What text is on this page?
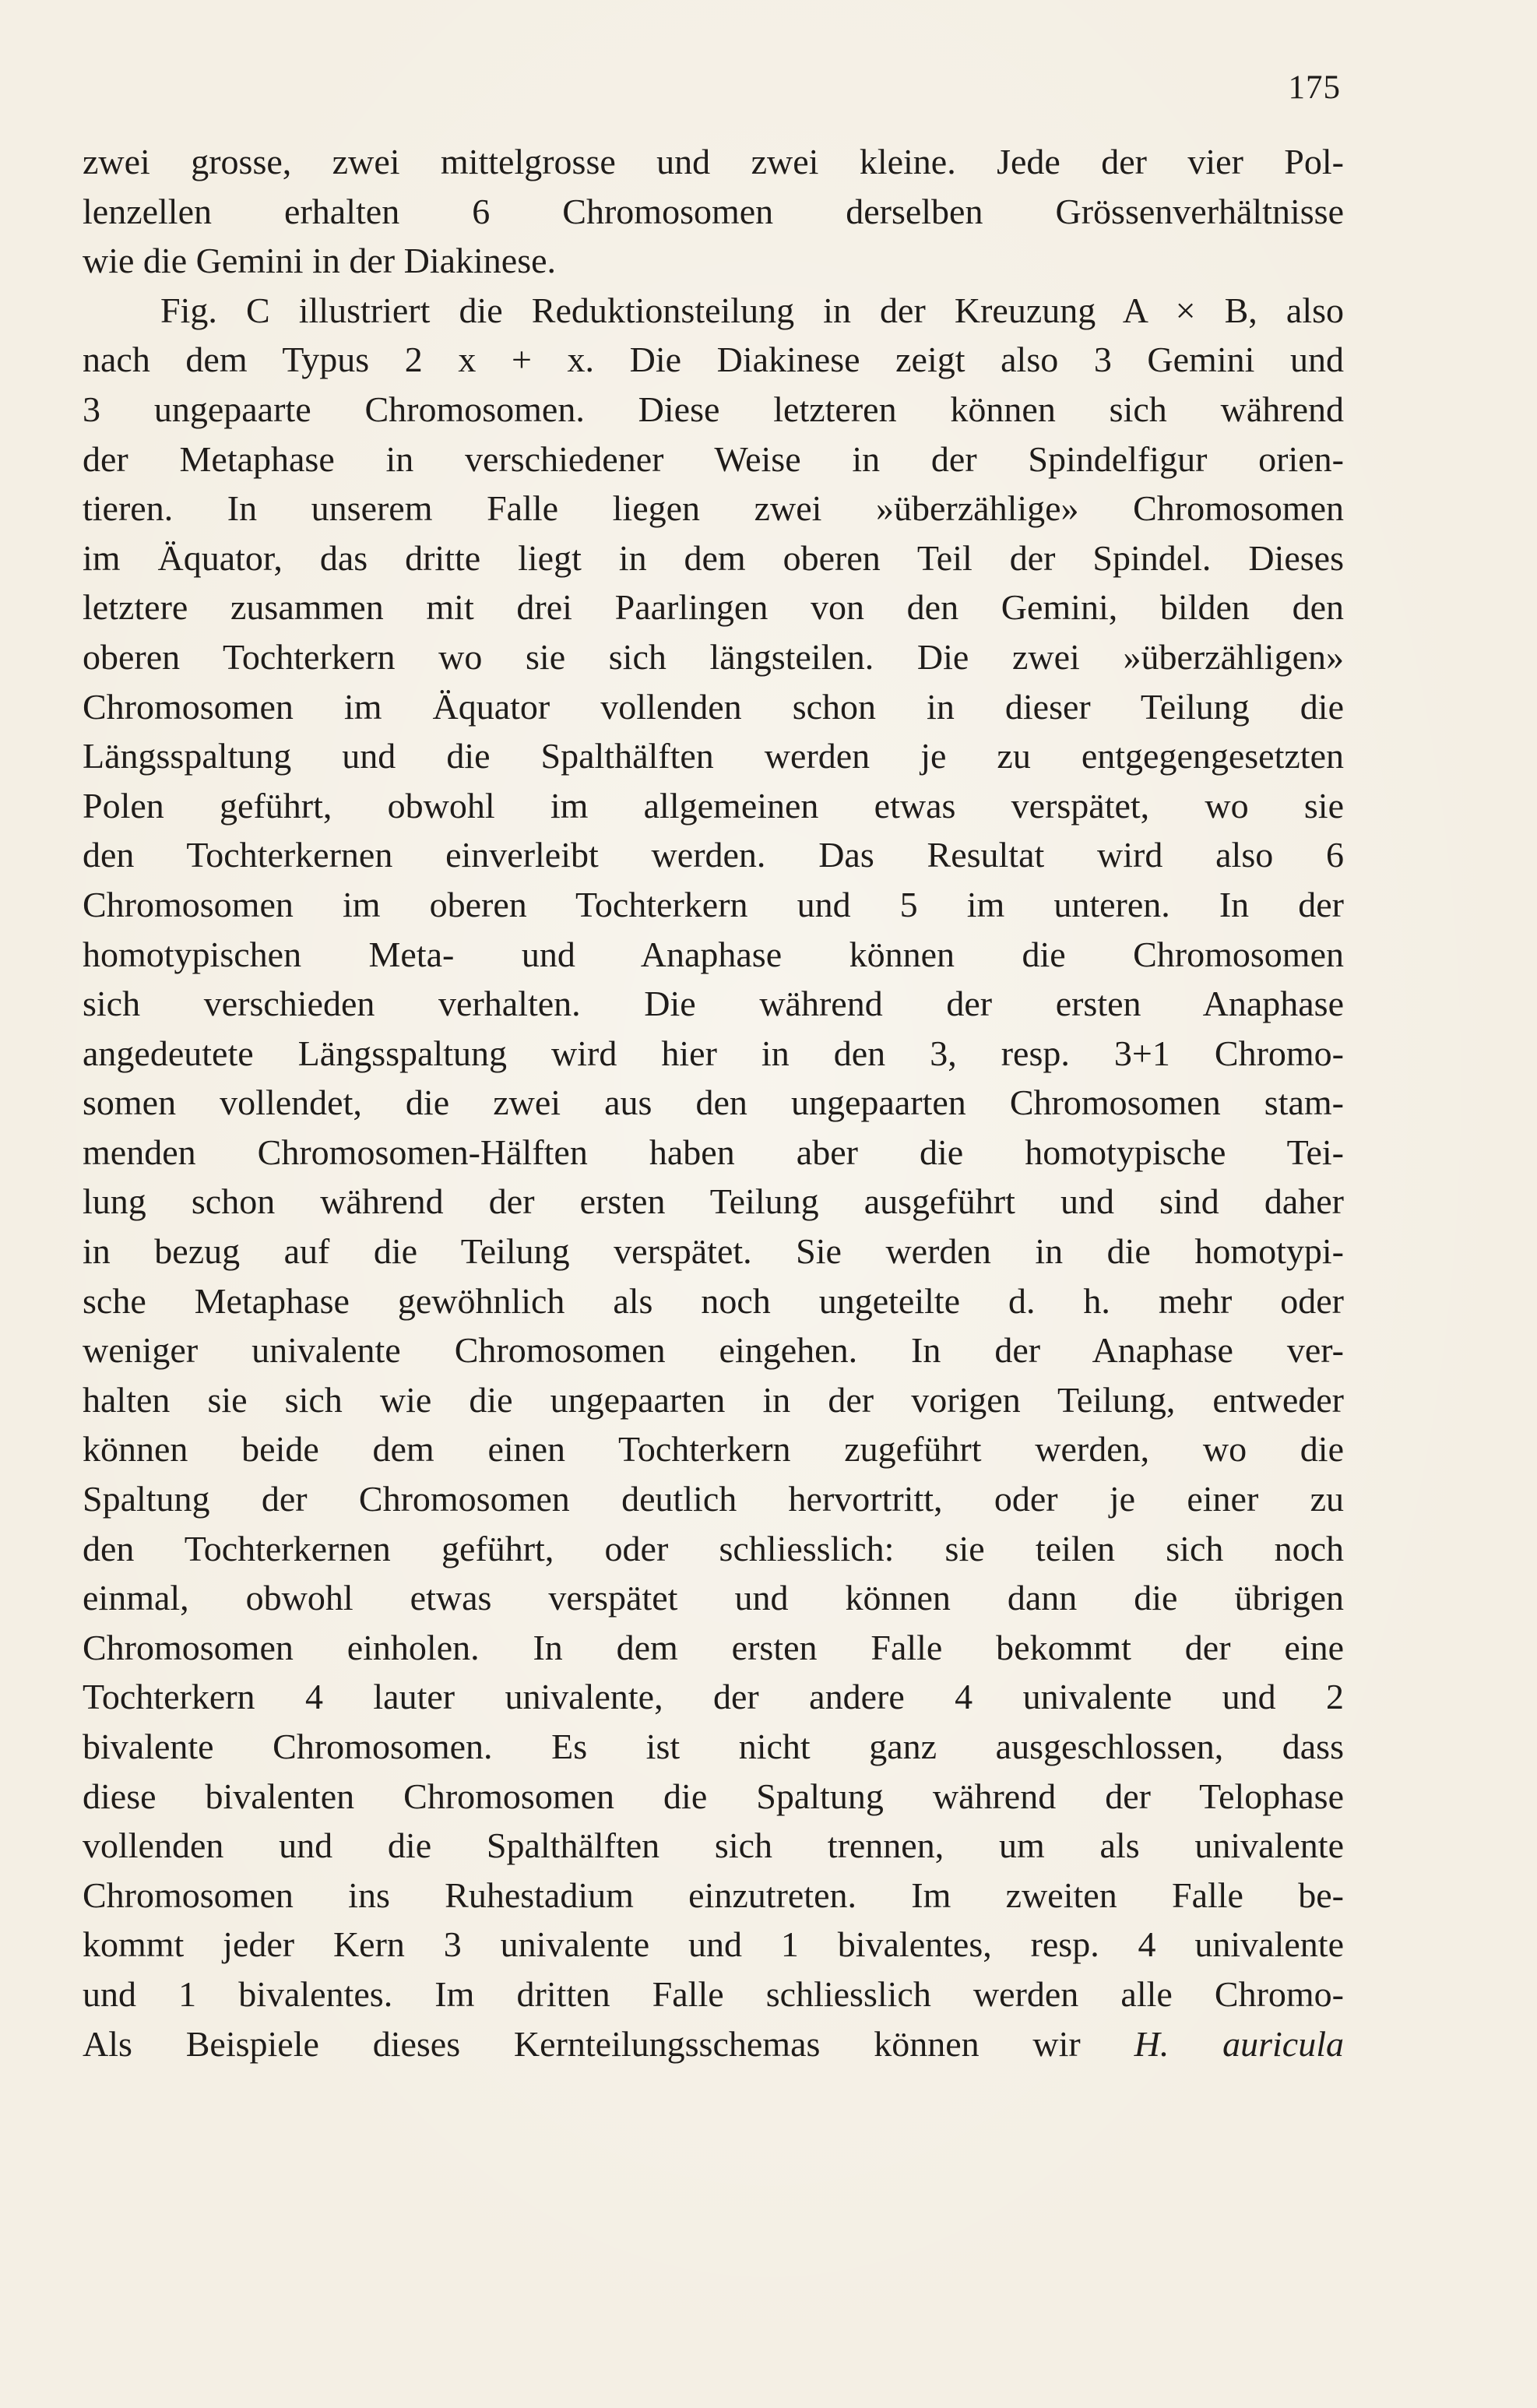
175

zwei grosse, zwei mittelgrosse und zwei kleine. Jede der vier Pol-
lenzellen erhalten 6 Chromosomen derselben Grössenverhältnisse
wie die Gemini in der Diakinese.

Fig. C illustriert die Reduktionsteilung in der Kreuzung A × B, also
nach dem Typus 2 x + x. Die Diakinese zeigt also 3 Gemini und
3 ungepaarte Chromosomen. Diese letzteren können sich während
der Metaphase in verschiedener Weise in der Spindelfigur orien-
tieren. In unserem Falle liegen zwei »überzählige» Chromosomen
im Äquator, das dritte liegt in dem oberen Teil der Spindel. Dieses
letztere zusammen mit drei Paarlingen von den Gemini, bilden den
oberen Tochterkern wo sie sich längsteilen. Die zwei »überzähligen»
Chromosomen im Äquator vollenden schon in dieser Teilung die
Längsspaltung und die Spalthälften werden je zu entgegengesetzten
Polen geführt, obwohl im allgemeinen etwas verspätet, wo sie
den Tochterkernen einverleibt werden. Das Resultat wird also 6
Chromosomen im oberen Tochterkern und 5 im unteren. In der
homotypischen Meta- und Anaphase können die Chromosomen
sich verschieden verhalten. Die während der ersten Anaphase
angedeutete Längsspaltung wird hier in den 3, resp. 3+1 Chromo-
somen vollendet, die zwei aus den ungepaarten Chromosomen stam-
menden Chromosomen-Hälften haben aber die homotypische Tei-
lung schon während der ersten Teilung ausgeführt und sind daher
in bezug auf die Teilung verspätet. Sie werden in die homotypi-
sche Metaphase gewöhnlich als noch ungeteilte d. h. mehr oder
weniger univalente Chromosomen eingehen. In der Anaphase ver-
halten sie sich wie die ungepaarten in der vorigen Teilung, entweder
können beide dem einen Tochterkern zugeführt werden, wo die
Spaltung der Chromosomen deutlich hervortritt, oder je einer zu
den Tochterkernen geführt, oder schliesslich: sie teilen sich noch
einmal, obwohl etwas verspätet und können dann die übrigen
Chromosomen einholen. In dem ersten Falle bekommt der eine
Tochterkern 4 lauter univalente, der andere 4 univalente und 2
bivalente Chromosomen. Es ist nicht ganz ausgeschlossen, dass
diese bivalenten Chromosomen die Spaltung während der Telophase
vollenden und die Spalthälften sich trennen, um als univalente
Chromosomen ins Ruhestadium einzutreten. Im zweiten Falle be-
kommt jeder Kern 3 univalente und 1 bivalentes, resp. 4 univalente
und 1 bivalentes. Im dritten Falle schliesslich werden alle Chromo-
Als Beispiele dieses Kernteilungsschemas können wir H. auricula
